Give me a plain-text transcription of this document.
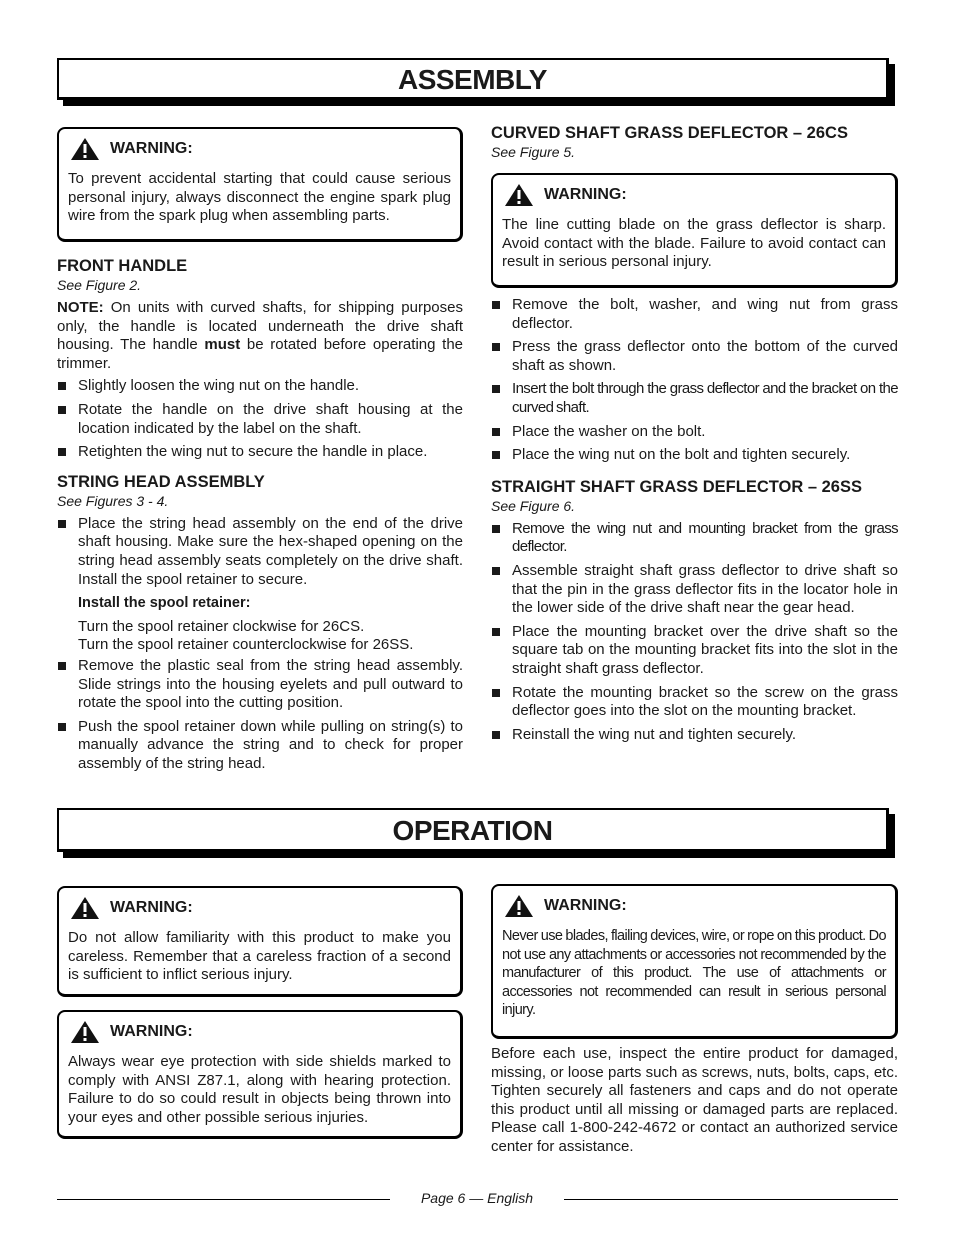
ASSEMBLY
WARNING:

To prevent accidental starting that could cause serious personal injury, always disconnect the engine spark plug wire from the spark plug when assembling parts.

FRONT HANDLE

See Figure 2.

NOTE: On units with curved shafts, for shipping purposes only, the handle is located underneath the drive shaft housing. The handle must be rotated before operating the trimmer.

Slightly loosen the wing nut on the handle.
Rotate the handle on the drive shaft housing at the location indicated by the label on the shaft.
Retighten the wing nut to secure the handle in place.
STRING HEAD ASSEMBLY

See Figures 3 - 4.

Place the string head assembly on the end of the drive shaft housing. Make sure the hex-shaped opening on the string head assembly seats completely on the drive shaft. Install the spool retainer to secure.

Install the spool retainer:

Turn the spool retainer clockwise for 26CS.

Turn the spool retainer counterclockwise for 26SS.

Remove the plastic seal from the string head assembly. Slide strings into the housing eyelets and pull outward to rotate the spool into the cutting position.
Push the spool retainer down while pulling on string(s) to manually advance the string and to check for proper assembly of the string head.
CURVED SHAFT GRASS DEFLECTOR – 26CS

See Figure 5.

WARNING:

The line cutting blade on the grass deflector is sharp. Avoid contact with the blade. Failure to avoid contact can result in serious personal injury.

Remove the bolt, washer, and wing nut from grass deflector.
Press the grass deflector onto the bottom of the curved shaft as shown.
Insert the bolt through the grass deflector and the bracket on the curved shaft.
Place the washer on the bolt.
Place the wing nut on the bolt and tighten securely.
STRAIGHT SHAFT GRASS DEFLECTOR – 26SS

See Figure 6.

Remove the wing nut and mounting bracket from the grass deflector.
Assemble straight shaft grass deflector to drive shaft so that the pin in the grass deflector fits in the locator hole in the lower side of the drive shaft near the gear head.
Place the mounting bracket over the drive shaft so the square tab on the mounting bracket fits into the slot in the straight shaft grass deflector.
Rotate the mounting bracket so the screw on the grass deflector goes into the slot on the mounting bracket.
Reinstall the wing nut and tighten securely.
OPERATION
WARNING:

Do not allow familiarity with this product to make you careless. Remember that a careless fraction of a second is sufficient to inflict serious injury.

WARNING:

Always wear eye protection with side shields marked to comply with ANSI Z87.1, along with hearing protection. Failure to do so could result in objects being thrown into your eyes and other possible serious injuries.

WARNING:

Never use blades, flailing devices, wire, or rope on this product. Do not use any attachments or accessories not recommended by the manufacturer of this product. The use of attachments or accessories not recommended can result in serious personal injury.

Before each use, inspect the entire product for damaged, missing, or loose parts such as screws, nuts, bolts, caps, etc. Tighten securely all fasteners and caps and do not operate this product until all missing or damaged parts are replaced. Please call 1-800-242-4672 or contact an authorized service center for assistance.

Page 6 — English
